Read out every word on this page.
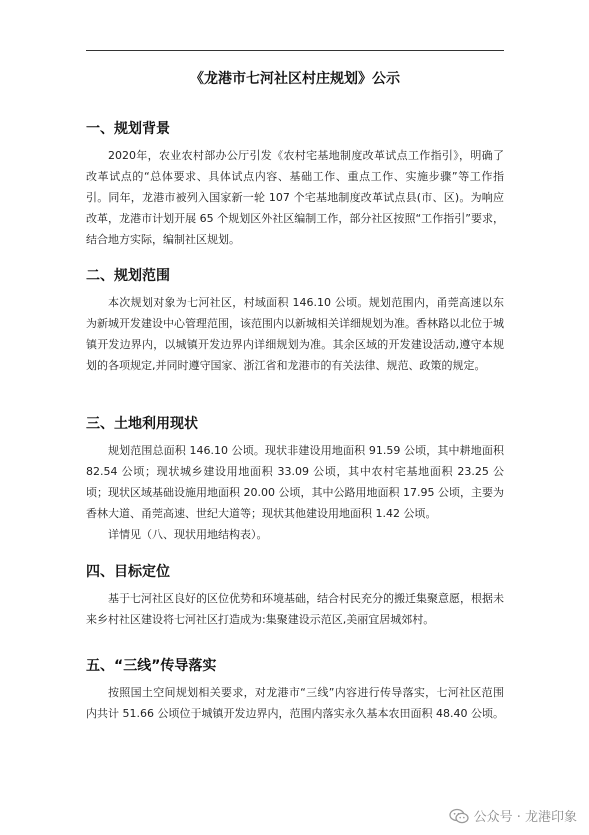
《龙港市七河社区村庄规划》公示
一、规划背景

2020年，农业农村部办公厅引发《农村宅基地制度改革试点工作指引》，明确了改革试点的“总体要求、具体试点内容、基础工作、重点工作、实施步骤”等工作指引。同年，龙港市被列入国家新一轮 107 个宅基地制度改革试点县(市、区)。为响应改革，龙港市计划开展 65 个规划区外社区编制工作，部分社区按照“工作指引”要求，结合地方实际，编制社区规划。

二、规划范围

本次规划对象为七河社区，村域面积 146.10 公顷。规划范围内，甬莞高速以东为新城开发建设中心管理范围，该范围内以新城相关详细规划为准。香林路以北位于城镇开发边界内，以城镇开发边界内详细规划为准。其余区域的开发建设活动,遵守本规划的各项规定,并同时遵守国家、浙江省和龙港市的有关法律、规范、政策的规定。

三、土地利用现状

规划范围总面积 146.10 公顷。现状非建设用地面积 91.59 公顷，其中耕地面积 82.54 公顷；现状城乡建设用地面积 33.09 公顷，其中农村宅基地面积 23.25 公顷；现状区域基础设施用地面积 20.00 公顷，其中公路用地面积 17.95 公顷，主要为香林大道、甬莞高速、世纪大道等；现状其他建设用地面积 1.42 公顷。

详情见（八、现状用地结构表）。

四、目标定位

基于七河社区良好的区位优势和环境基础，结合村民充分的搬迁集聚意愿，根据未来乡村社区建设将七河社区打造成为:集聚建设示范区,美丽宜居城郊村。

五、“三线”传导落实

按照国土空间规划相关要求，对龙港市“三线”内容进行传导落实，七河社区范围内共计 51.66 公顷位于城镇开发边界内，范围内落实永久基本农田面积 48.40 公顷。

公众号 · 龙港印象
